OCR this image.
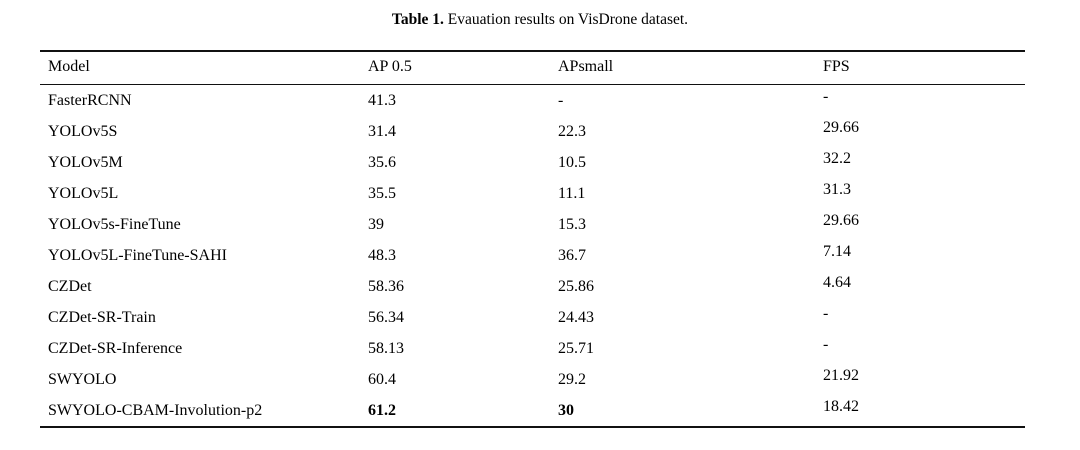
Table 1. Evauation results on VisDrone dataset.
Model	AP 0.5	APsmall	FPS
FasterRCNN	41.3	-	-
YOLOv5S	31.4	22.3	29.66
YOLOv5M	35.6	10.5	32.2
YOLOv5L	35.5	11.1	31.3
YOLOv5s-FineTune	39	15.3	29.66
YOLOv5L-FineTune-SAHI	48.3	36.7	7.14
CZDet	58.36	25.86	4.64
CZDet-SR-Train	56.34	24.43	-
CZDet-SR-Inference	58.13	25.71	-
SWYOLO	60.4	29.2	21.92
SWYOLO-CBAM-Involution-p2	61.2	30	18.42
